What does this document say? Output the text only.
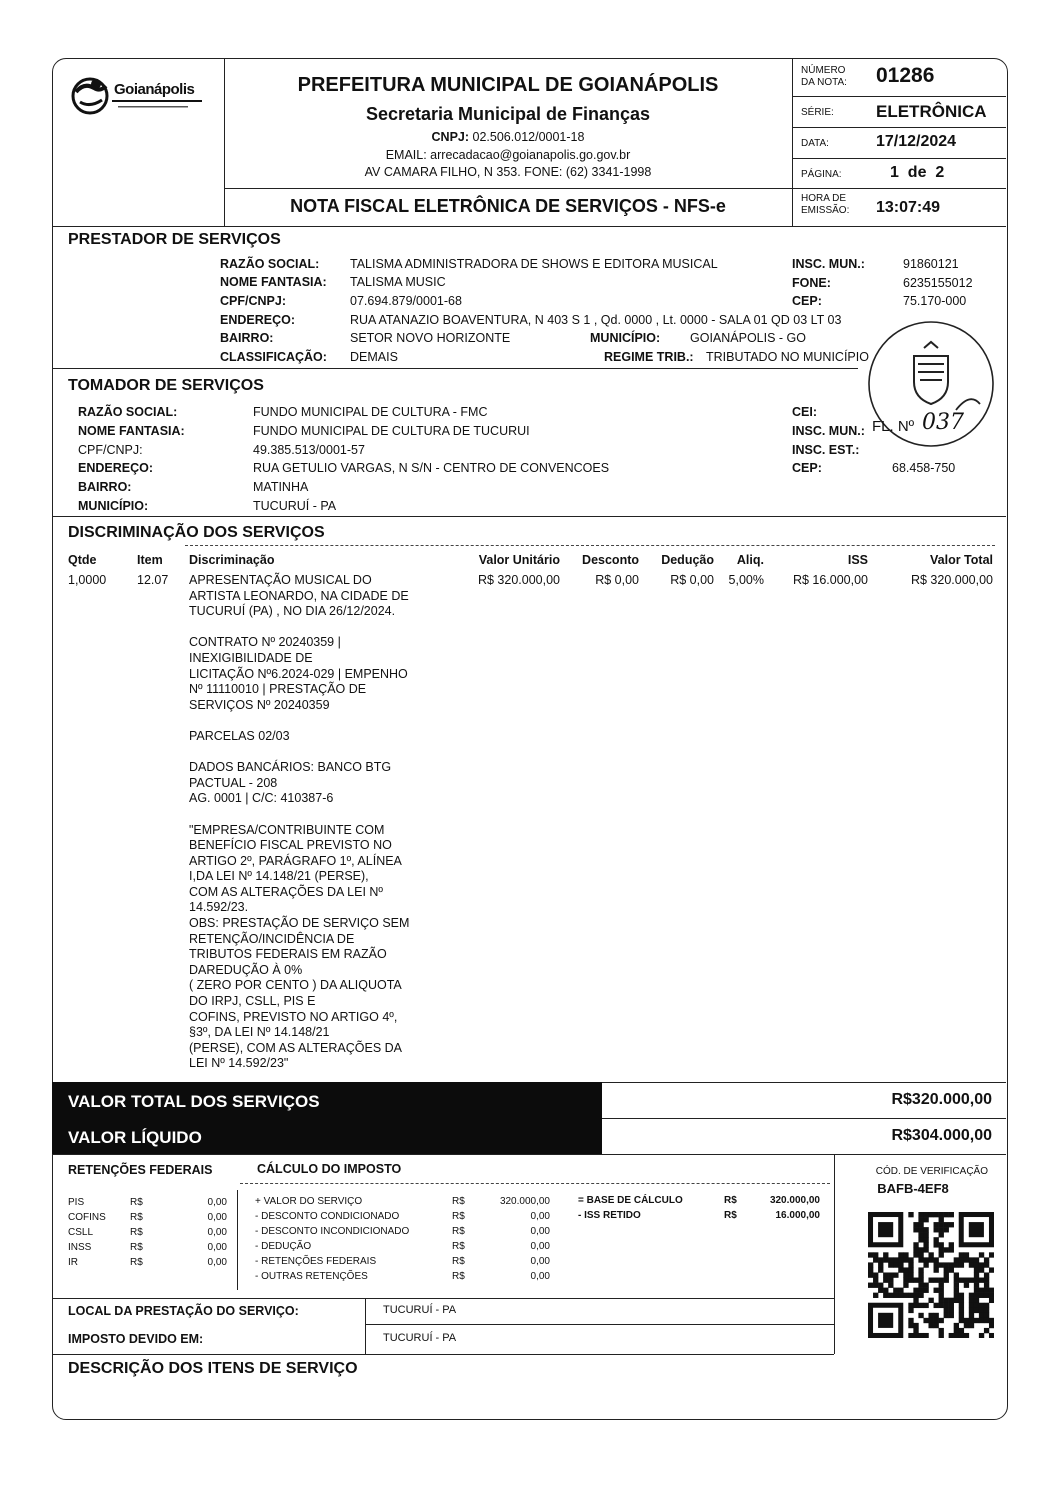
Goianápolis	PREFEITURA MUNICIPAL DE GOIANÁPOLIS
Secretaria Municipal de Finanças
CNPJ: 02.506.012/0001-18
EMAIL: arrecadacao@goianapolis.go.gov.br
AV CAMARA FILHO, N 353. FONE: (62) 3341-1998
NOTA FISCAL ELETRÔNICA DE SERVIÇOS - NFS-e
NÚMERO
DA NOTA: 01286
SÉRIE: ELETRÔNICA
DATA:	17/12/2024
PÁGINA:	1  de  2
HORA DE
EMISSÃO: 13:07:49
PRESTADOR DE SERVIÇOS
RAZÃO SOCIAL: TALISMA ADMINISTRADORA DE SHOWS E EDITORA MUSICAL
NOME FANTASIA: TALISMA MUSIC
CPF/CNPJ:	07.694.879/0001-68
ENDEREÇO:	RUA ATANAZIO BOAVENTURA, N 403 S 1 , Qd. 0000 , Lt. 0000 - SALA 01 QD 03 LT 03
BAIRRO:	SETOR NOVO HORIZONTE
CLASSIFICAÇÃO: DEMAIS
INSC. MUN.:	91860121
FONE:	6235155012
CEP:	75.170-000
MUNICÍPIO: GOIANÁPOLIS - GO
REGIME TRIB.: TRIBUTADO NO MUNICÍPIO
TOMADOR DE SERVIÇOS
RAZÃO SOCIAL:	FUNDO MUNICIPAL DE CULTURA - FMC
NOME FANTASIA:	FUNDO MUNICIPAL DE CULTURA DE TUCURUI
CPF/CNPJ:	49.385.513/0001-57
ENDEREÇO:	RUA GETULIO VARGAS, N S/N - CENTRO DE CONVENCOES
BAIRRO:	MATINHA
MUNICÍPIO:	TUCURUÍ - PA
CEI:
INSC. MUN.:
INSC. EST.:
CEP:	68.458-750
FL. Nº 037
DISCRIMINAÇÃO DOS SERVIÇOS
Qtde	Item Discriminação	Valor Unitário	Desconto	Dedução	Aliq.	ISS	Valor Total
1,0000 12.07 APRESENTAÇÃO MUSICAL DO
ARTISTA LEONARDO, NA CIDADE DE
TUCURUÍ (PA) , NO DIA 26/12/2024.

CONTRATO Nº 20240359 |
INEXIGIBILIDADE DE
LICITAÇÃO Nº6.2024-029 | EMPENHO
Nº 11110010 | PRESTAÇÃO DE
SERVIÇOS Nº 20240359

PARCELAS 02/03

DADOS BANCÁRIOS: BANCO BTG
PACTUAL - 208
AG. 0001 | C/C: 410387-6

"EMPRESA/CONTRIBUINTE COM
BENEFÍCIO FISCAL PREVISTO NO
ARTIGO 2º, PARÁGRAFO 1º, ALÍNEA
I,DA LEI Nº 14.148/21 (PERSE),
COM AS ALTERAÇÕES DA LEI Nº
14.592/23.
OBS: PRESTAÇÃO DE SERVIÇO SEM
RETENÇÃO/INCIDÊNCIA DE
TRIBUTOS FEDERAIS EM RAZÃO
DAREDUÇÃO À 0%
( ZERO POR CENTO ) DA ALIQUOTA
DO IRPJ, CSLL, PIS E
COFINS, PREVISTO NO ARTIGO 4º,
§3º, DA LEI Nº 14.148/21
(PERSE), COM AS ALTERAÇÕES DA
LEI Nº 14.592/23"
R$ 320.000,00	R$ 0,00	R$ 0,00	5,00%	R$ 16.000,00	R$ 320.000,00
VALOR TOTAL DOS SERVIÇOS	R$320.000,00
VALOR LÍQUIDO	R$304.000,00
RETENÇÕES FEDERAIS	CÁLCULO DO IMPOSTO
PIS	R$	0,00
COFINS R$	0,00
CSLL	R$	0,00
INSS	R$	0,00
IR	R$	0,00
+ VALOR DO SERVIÇO	R$	320.000,00
- DESCONTO CONDICIONADO	R$	0,00
- DESCONTO INCONDICIONADO	R$	0,00
- DEDUÇÃO	R$	0,00
- RETENÇÕES FEDERAIS	R$	0,00
- OUTRAS RETENÇÕES	R$	0,00
= BASE DE CÁLCULO	R$	320.000,00
- ISS RETIDO	R$	16.000,00
CÓD. DE VERIFICAÇÃO
BAFB-4EF8
LOCAL DA PRESTAÇÃO DO SERVIÇO:	TUCURUÍ - PA
IMPOSTO DEVIDO EM:	TUCURUÍ - PA
DESCRIÇÃO DOS ITENS DE SERVIÇO
